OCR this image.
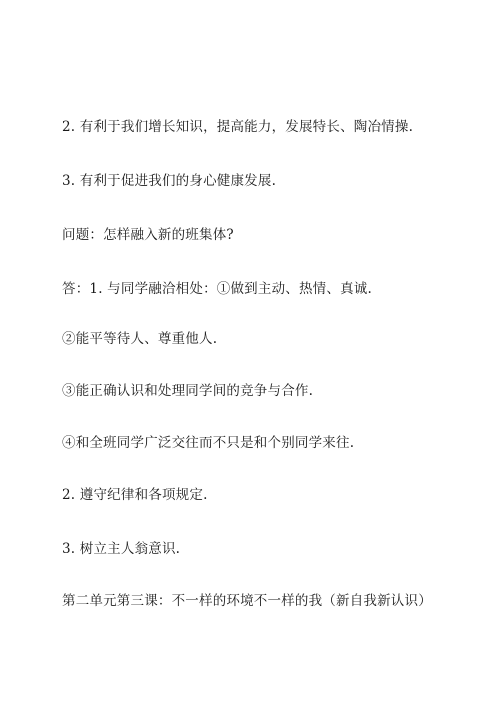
2. 有利于我们增长知识，提高能力，发展特长、陶冶情操.

3. 有利于促进我们的身心健康发展.

问题：怎样融入新的班集体?

答：1. 与同学融洽相处：①做到主动、热情、真诚.

②能平等待人、尊重他人.

③能正确认识和处理同学间的竞争与合作.

④和全班同学广泛交往而不只是和个别同学来往.

2. 遵守纪律和各项规定.

3. 树立主人翁意识.

第二单元第三课：不一样的环境不一样的我（新自我新认识）
